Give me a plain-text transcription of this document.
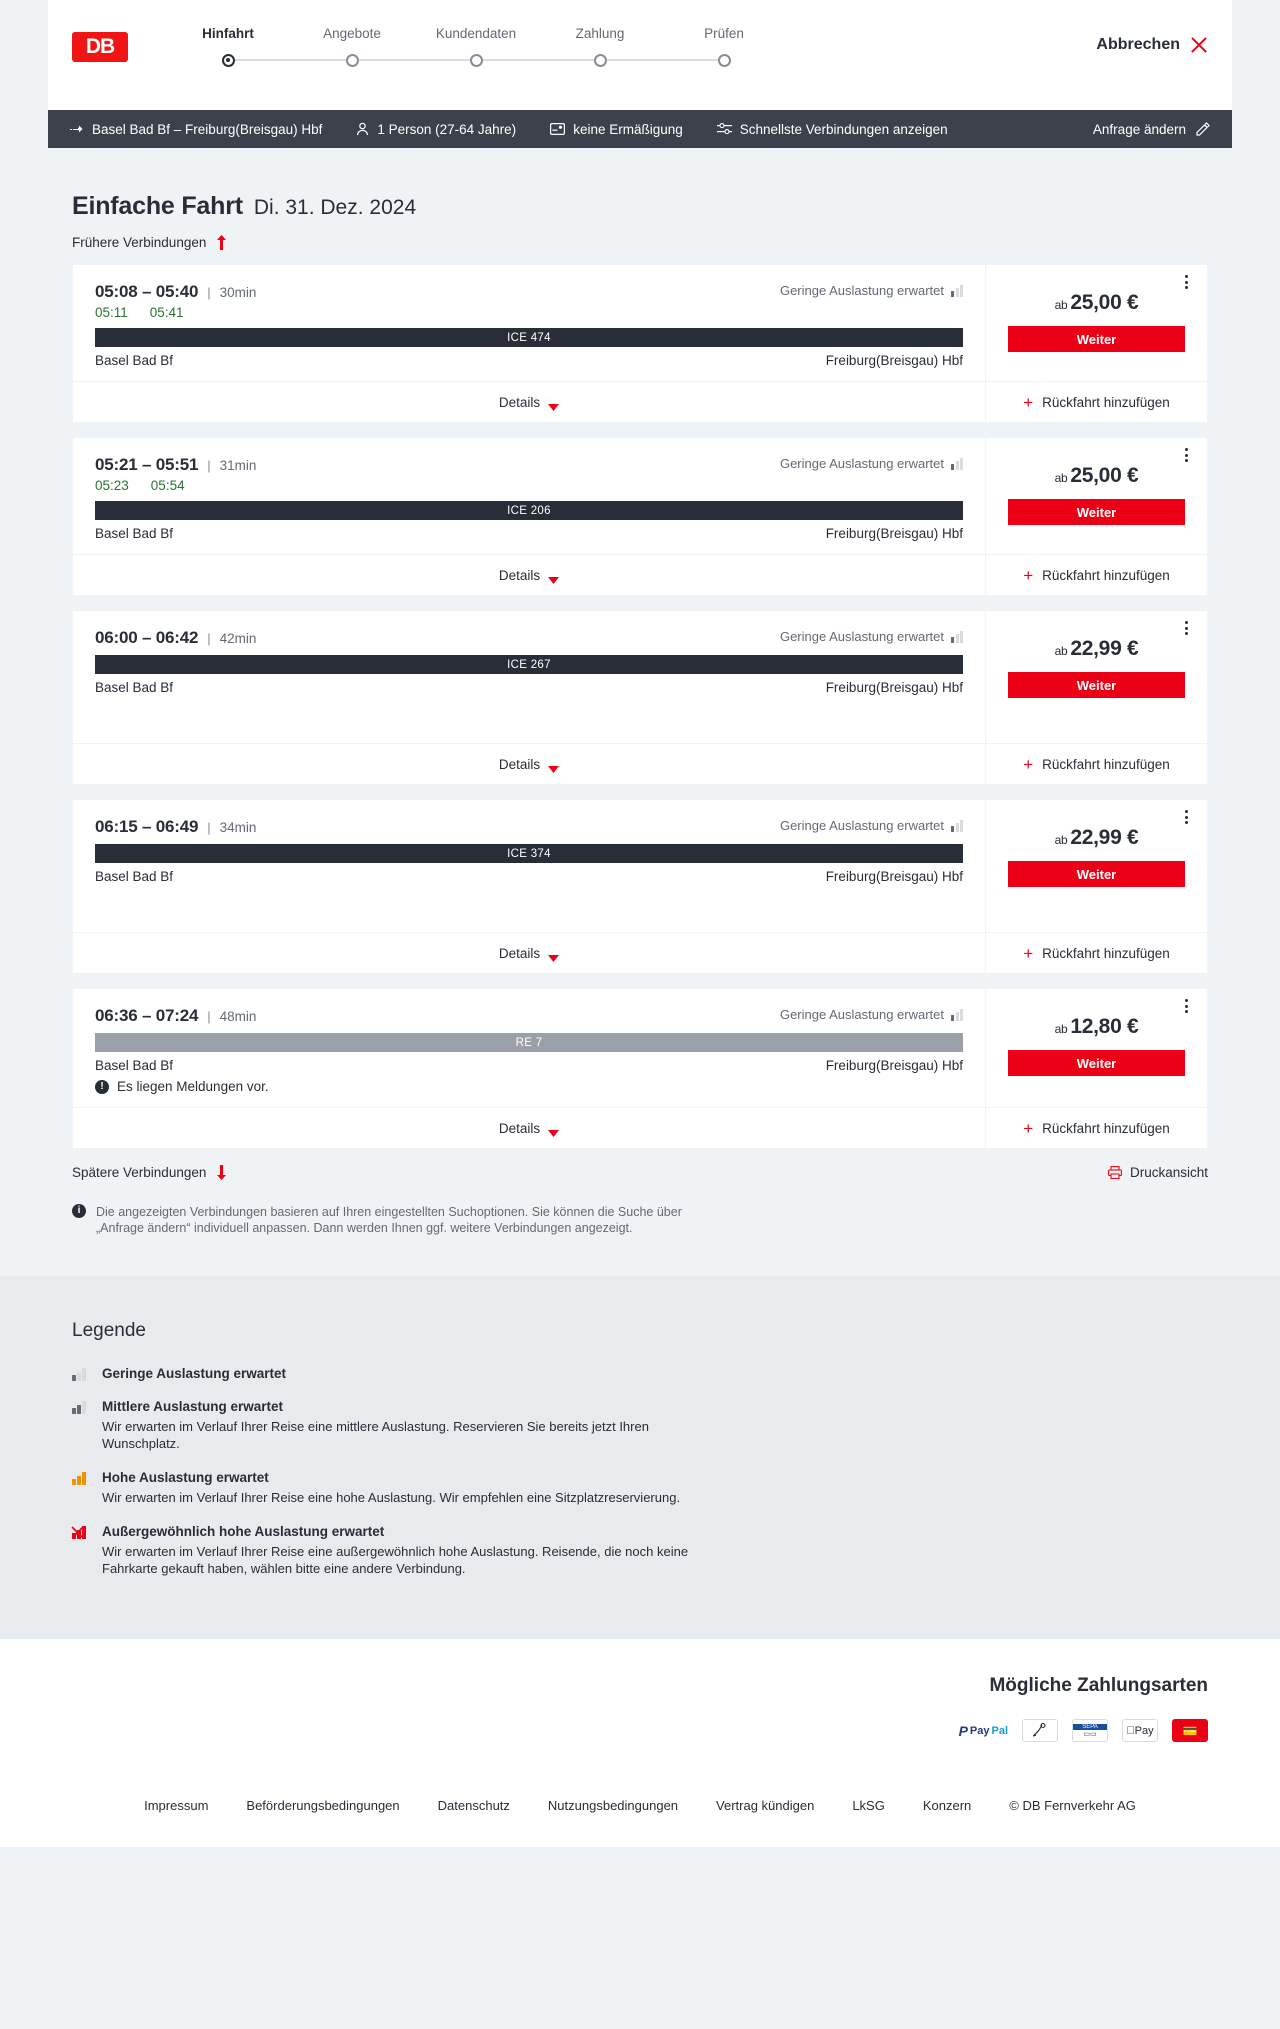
DB
Hinfahrt	Angebote	Kundendaten	Zahlung	Prüfen
Abbrechen
Basel Bad Bf – Freiburg(Breisgau) Hbf	1 Person (27-64 Jahre)	keine Ermäßigung	Schnellste Verbindungen anzeigen	Anfrage ändern
Einfache Fahrt Di. 31. Dez. 2024
Frühere Verbindungen
05:08 – 05:40 | 30min	Geringe Auslastung erwartet
05:11 05:41
ICE 474
Basel Bad Bf	Freiburg(Breisgau) Hbf
Details
ab 25,00 €
Weiter
+ Rückfahrt hinzufügen
05:21 – 05:51 | 31min	Geringe Auslastung erwartet
05:23 05:54
ICE 206
Basel Bad Bf	Freiburg(Breisgau) Hbf
Details
ab 25,00 €
Weiter
+ Rückfahrt hinzufügen
06:00 – 06:42 | 42min	Geringe Auslastung erwartet
ICE 267
Basel Bad Bf	Freiburg(Breisgau) Hbf
Details
ab 22,99 €
Weiter
+ Rückfahrt hinzufügen
06:15 – 06:49 | 34min	Geringe Auslastung erwartet
ICE 374
Basel Bad Bf	Freiburg(Breisgau) Hbf
Details
ab 22,99 €
Weiter
+ Rückfahrt hinzufügen
06:36 – 07:24 | 48min	Geringe Auslastung erwartet
RE 7
Basel Bad Bf	Freiburg(Breisgau) Hbf
! Es liegen Meldungen vor.
Details
ab 12,80 €
Weiter
+ Rückfahrt hinzufügen
Spätere Verbindungen	Druckansicht
i	Die angezeigten Verbindungen basieren auf Ihren eingestellten Suchoptionen. Sie können die Suche über „Anfrage ändern“ individuell anpassen. Dann werden Ihnen ggf. weitere Verbindungen angezeigt.
Legende
Geringe Auslastung erwartet
Mittlere Auslastung erwartet
Wir erwarten im Verlauf Ihrer Reise eine mittlere Auslastung. Reservieren Sie bereits jetzt Ihren Wunschplatz.
Hohe Auslastung erwartet
Wir erwarten im Verlauf Ihrer Reise eine hohe Auslastung. Wir empfehlen eine Sitzplatzreservierung.
Außergewöhnlich hohe Auslastung erwartet
Wir erwarten im Verlauf Ihrer Reise eine außergewöhnlich hohe Auslastung. Reisende, die noch keine Fahrkarte gekauft haben, wählen bitte eine andere Verbindung.
Mögliche Zahlungsarten
P Pay Pal	SEPA
▭▭	Pay	💳
Impressum	Beförderungsbedingungen	Datenschutz	Nutzungsbedingungen	Vertrag kündigen	LkSG	Konzern	© DB Fernverkehr AG
